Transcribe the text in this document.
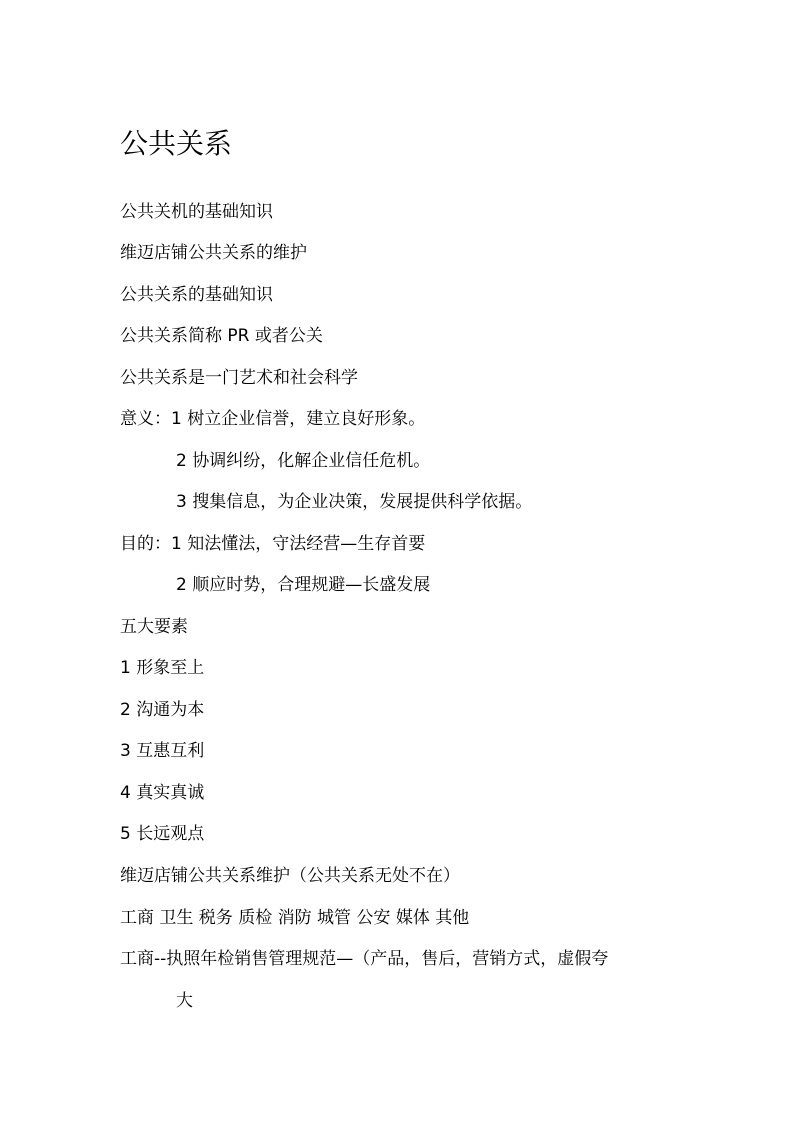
公共关系
公共关机的基础知识
维迈店铺公共关系的维护
公共关系的基础知识
公共关系简称 PR 或者公关
公共关系是一门艺术和社会科学
意义：1 树立企业信誉，建立良好形象。
2 协调纠纷，化解企业信任危机。
3 搜集信息，为企业决策，发展提供科学依据。
目的：1 知法懂法，守法经营—生存首要
2 顺应时势，合理规避—长盛发展
五大要素
1 形象至上
2 沟通为本
3 互惠互利
4 真实真诚
5 长远观点
维迈店铺公共关系维护（公共关系无处不在）
工商 卫生 税务 质检 消防 城管 公安 媒体 其他
工商--执照年检销售管理规范—（产品，售后，营销方式，虚假夸
大
